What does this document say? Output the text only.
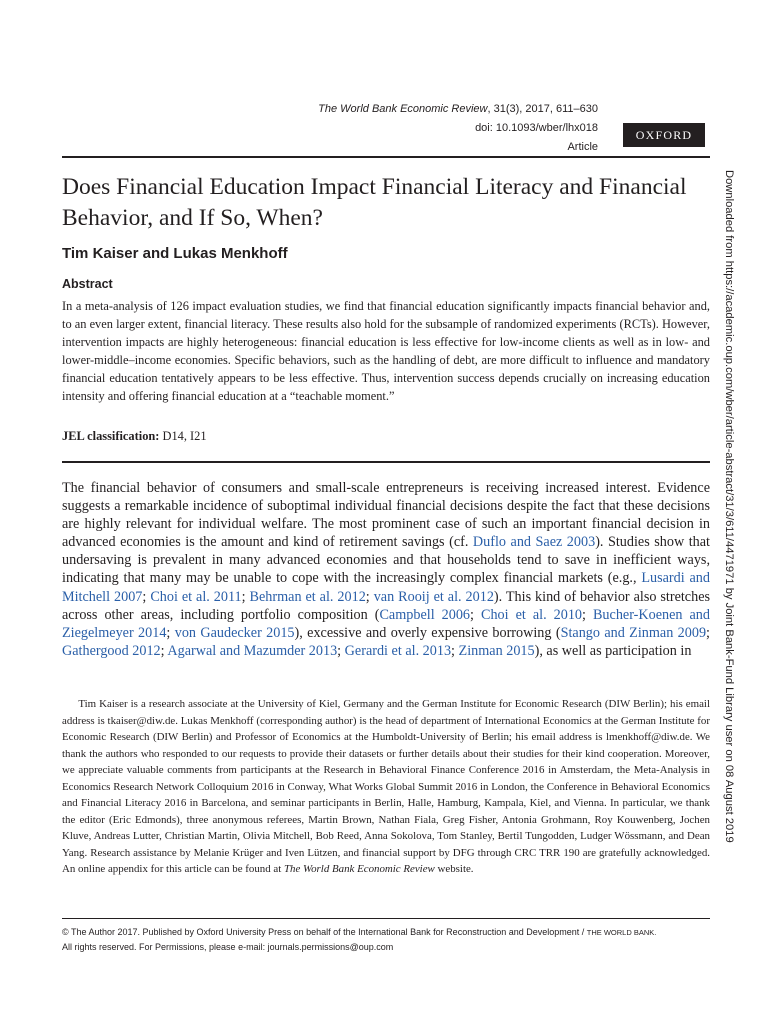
The World Bank Economic Review, 31(3), 2017, 611–630
doi: 10.1093/wber/lhx018
Article
OXFORD
Does Financial Education Impact Financial Literacy and Financial Behavior, and If So, When?
Tim Kaiser and Lukas Menkhoff
Abstract

In a meta-analysis of 126 impact evaluation studies, we find that financial education significantly impacts financial behavior and, to an even larger extent, financial literacy. These results also hold for the subsample of randomized experiments (RCTs). However, intervention impacts are highly heterogeneous: financial education is less effective for low-income clients as well as in low- and lower-middle–income economies. Specific behaviors, such as the handling of debt, are more difficult to influence and mandatory financial education tentatively appears to be less effective. Thus, intervention success depends crucially on increasing education intensity and offering financial education at a “teachable moment.”

JEL classification: D14, I21

The financial behavior of consumers and small-scale entrepreneurs is receiving increased interest. Evidence suggests a remarkable incidence of suboptimal individual financial decisions despite the fact that these decisions are highly relevant for individual welfare. The most prominent case of such an important financial decision in advanced economies is the amount and kind of retirement savings (cf. Duflo and Saez 2003). Studies show that undersaving is prevalent in many advanced economies and that households tend to save in inefficient ways, indicating that many may be unable to cope with the increasingly complex financial markets (e.g., Lusardi and Mitchell 2007; Choi et al. 2011; Behrman et al. 2012; van Rooij et al. 2012). This kind of behavior also stretches across other areas, including portfolio composition (Campbell 2006; Choi et al. 2010; Bucher-Koenen and Ziegelmeyer 2014; von Gaudecker 2015), excessive and overly expensive borrowing (Stango and Zinman 2009; Gathergood 2012; Agarwal and Mazumder 2013; Gerardi et al. 2013; Zinman 2015), as well as participation in

Tim Kaiser is a research associate at the University of Kiel, Germany and the German Institute for Economic Research (DIW Berlin); his email address is tkaiser@diw.de. Lukas Menkhoff (corresponding author) is the head of department of International Economics at the German Institute for Economic Research (DIW Berlin) and Professor of Economics at the Humboldt-University of Berlin; his email address is lmenkhoff@diw.de. We thank the authors who responded to our requests to provide their datasets or further details about their studies for their kind cooperation. Moreover, we appreciate valuable comments from participants at the Research in Behavioral Finance Conference 2016 in Amsterdam, the Meta-Analysis in Economics Research Network Colloquium 2016 in Conway, What Works Global Summit 2016 in London, the Conference in Behavioral Economics and Financial Literacy 2016 in Barcelona, and seminar participants in Berlin, Halle, Hamburg, Kampala, Kiel, and Vienna. In particular, we thank the editor (Eric Edmonds), three anonymous referees, Martin Brown, Nathan Fiala, Greg Fisher, Antonia Grohmann, Roy Kouwenberg, Jochen Kluve, Andreas Lutter, Christian Martin, Olivia Mitchell, Bob Reed, Anna Sokolova, Tom Stanley, Bertil Tungodden, Ludger Wössmann, and Dean Yang. Research assistance by Melanie Krüger and Iven Lützen, and financial support by DFG through CRC TRR 190 are gratefully acknowledged. An online appendix for this article can be found at The World Bank Economic Review website.

© The Author 2017. Published by Oxford University Press on behalf of the International Bank for Reconstruction and Development / THE WORLD BANK.
All rights reserved. For Permissions, please e-mail: journals.permissions@oup.com
Downloaded from https://academic.oup.com/wber/article-abstract/31/3/611/4471971 by Joint Bank-Fund Library user on 08 August 2019
